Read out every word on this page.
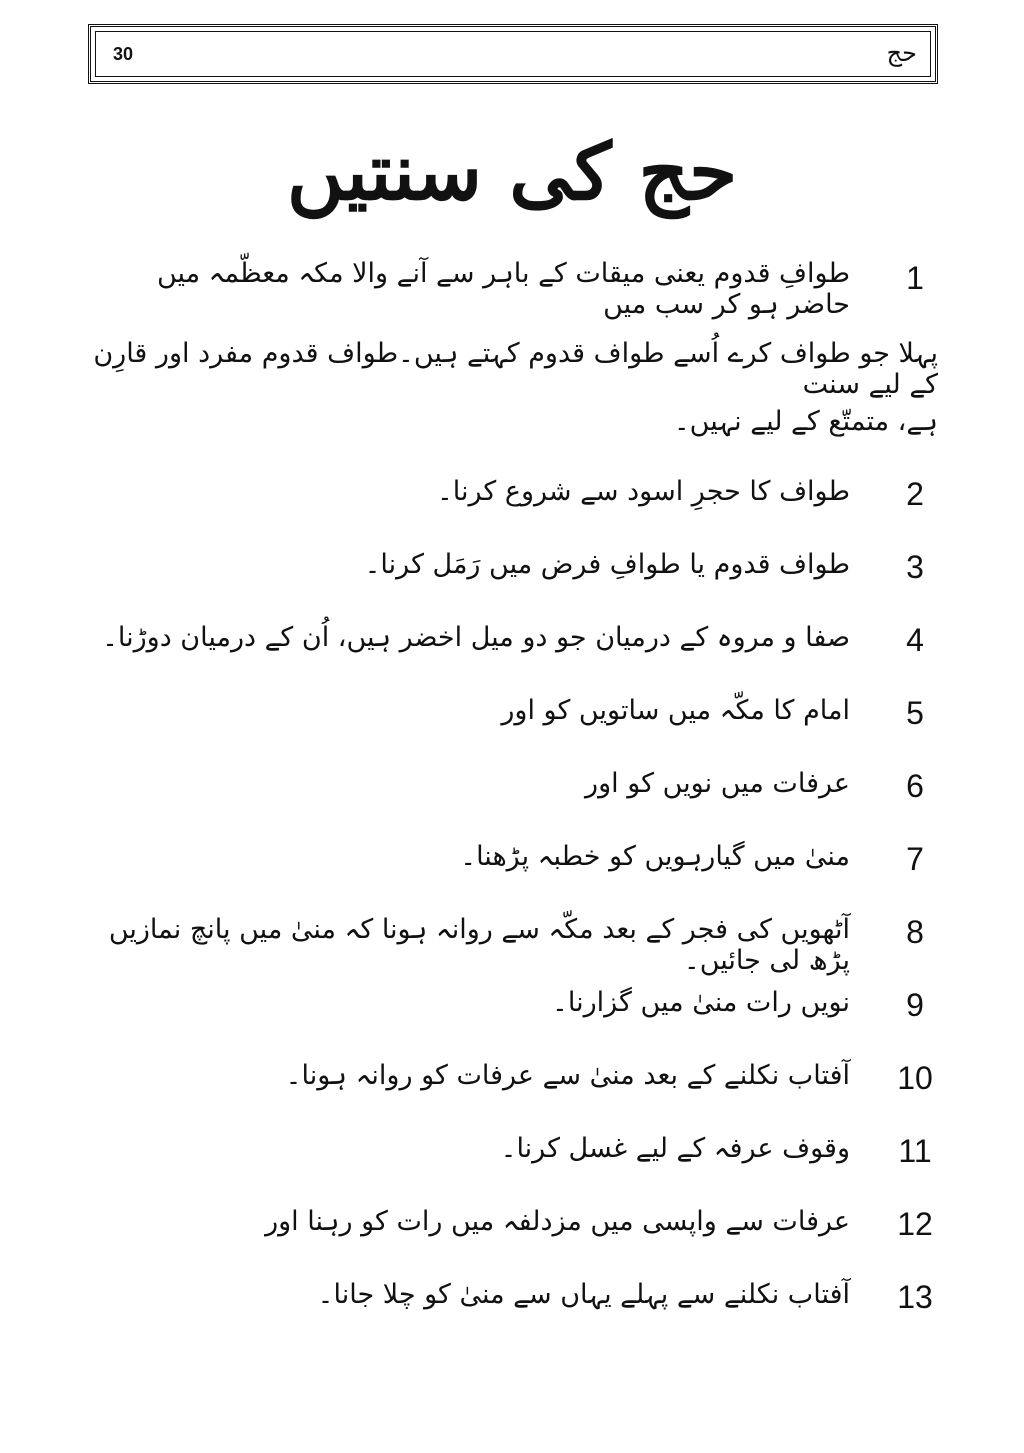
30	حج
حج کی سنتیں
1
طوافِ قدوم یعنی میقات کے باہر سے آنے والا مکہ معظّمہ میں حاضر ہو کر سب میں
پہلا جو طواف کرے اُسے طواف قدوم کہتے ہیں۔طواف قدوم مفرد اور قارِن کے لیے سنت
ہے، متمتّع کے لیے نہیں۔
2
طواف کا حجرِ اسود سے شروع کرنا۔
3
طواف قدوم یا طوافِ فرض میں رَمَل کرنا۔
4
صفا و مروہ کے درمیان جو دو میل اخضر ہیں، اُن کے درمیان دوڑنا۔
5
امام کا مکّہ میں ساتویں کو اور
6
عرفات میں نویں کو اور
7
منیٰ میں گیارہویں کو خطبہ پڑھنا۔
8
آٹھویں کی فجر کے بعد مکّہ سے روانہ ہونا کہ منیٰ میں پانچ نمازیں پڑھ لی جائیں۔
9
نویں رات منیٰ میں گزارنا۔
10
آفتاب نکلنے کے بعد منیٰ سے عرفات کو روانہ ہونا۔
11
وقوف عرفہ کے لیے غسل کرنا۔
12
عرفات سے واپسی میں مزدلفہ میں رات کو رہنا اور
13
آفتاب نکلنے سے پہلے یہاں سے منیٰ کو چلا جانا۔
